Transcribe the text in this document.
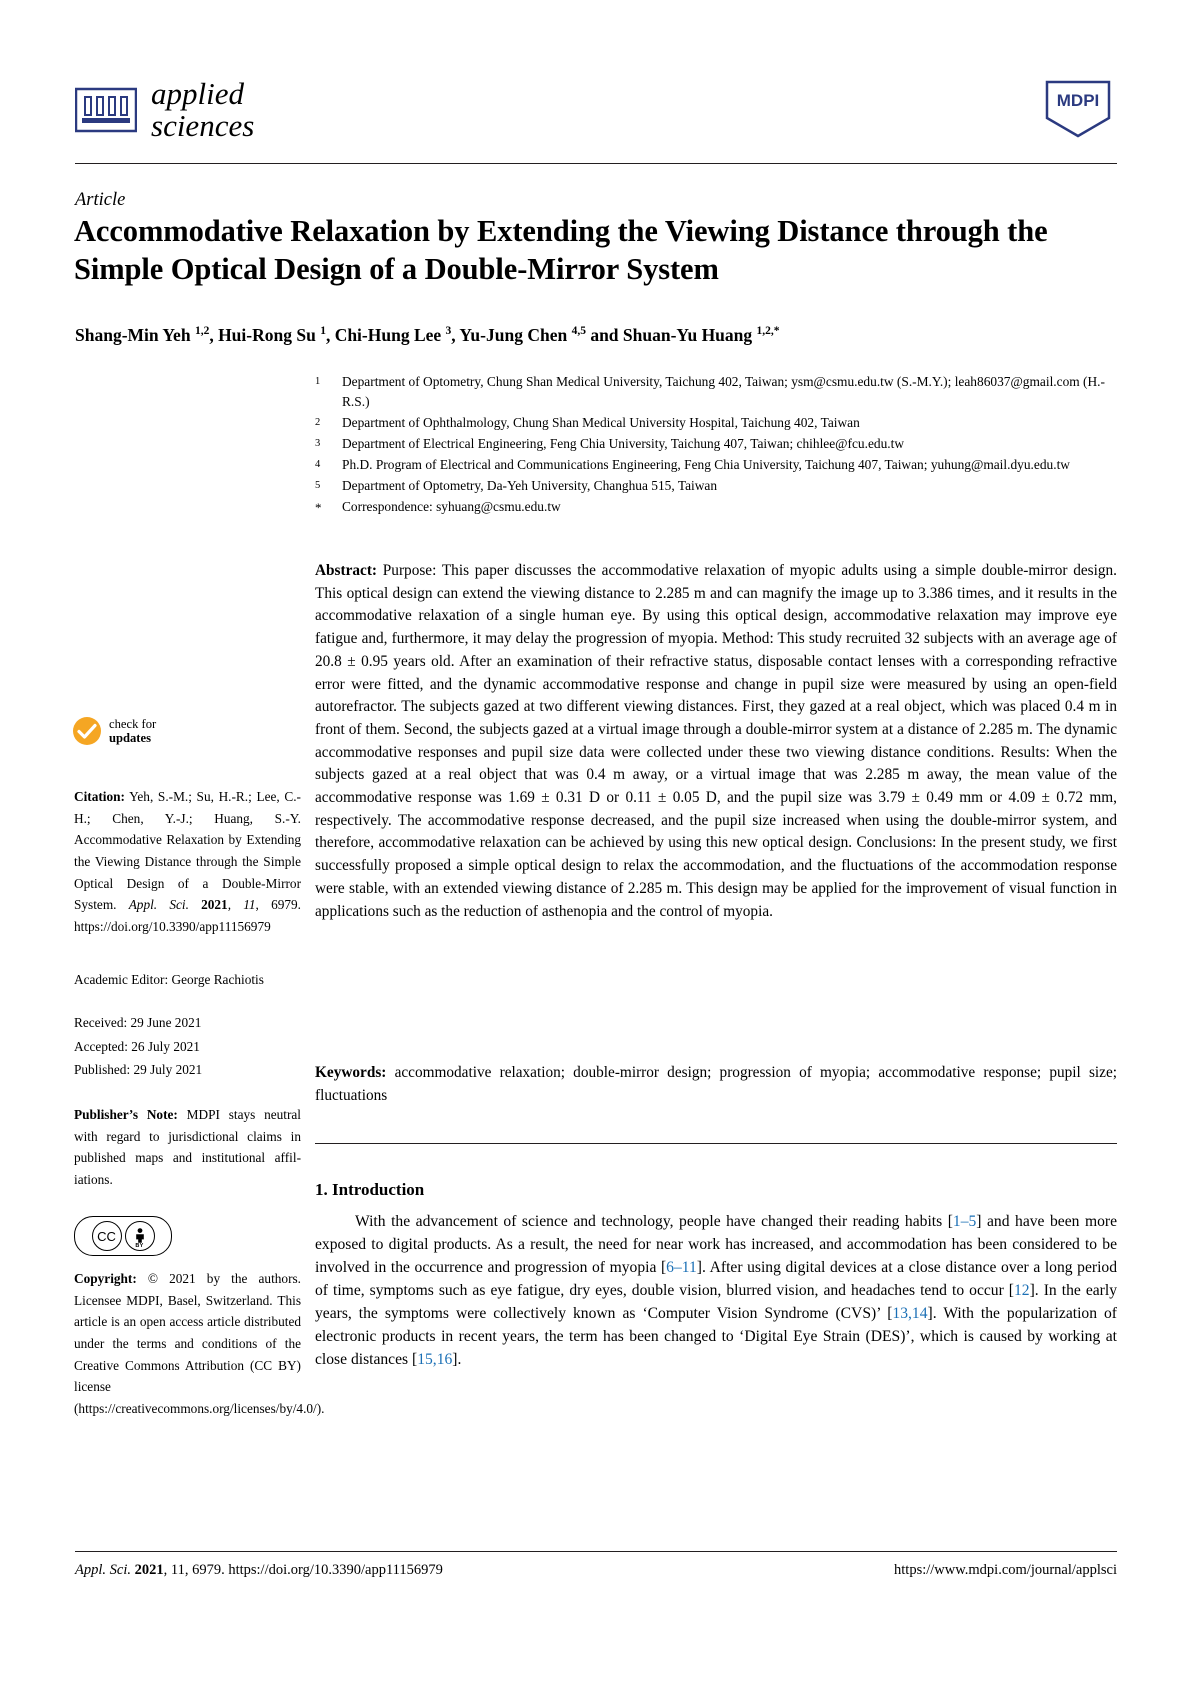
applied
sciences
MDPI
Article
Accommodative Relaxation by Extending the Viewing Distance through the Simple Optical Design of a Double-Mirror System
Shang-Min Yeh $^{1,2}$, Hui-Rong Su $^1$, Chi-Hung Lee $^3$, Yu-Jung Chen $^{4,5}$ and Shuan-Yu Huang $^{1,2,*}$
1	Department of Optometry, Chung Shan Medical University, Taichung 402, Taiwan; ysm@csmu.edu.tw (S.-M.Y.); leah86037@gmail.com (H.-R.S.)
2	Department of Ophthalmology, Chung Shan Medical University Hospital, Taichung 402, Taiwan
3	Department of Electrical Engineering, Feng Chia University, Taichung 407, Taiwan; chihlee@fcu.edu.tw
4	Ph.D. Program of Electrical and Communications Engineering, Feng Chia University, Taichung 407, Taiwan; yuhung@mail.dyu.edu.tw
5	Department of Optometry, Da-Yeh University, Changhua 515, Taiwan
*	Correspondence: syhuang@csmu.edu.tw
Abstract: Purpose: This paper discusses the accommodative relaxation of myopic adults using a simple double-mirror design. This optical design can extend the viewing distance to 2.285 m and can magnify the image up to 3.386 times, and it results in the accommodative relaxation of a single human eye. By using this optical design, accommodative relaxation may improve eye fatigue and, furthermore, it may delay the progression of myopia. Method: This study recruited 32 subjects with an average age of 20.8 ± 0.95 years old. After an examination of their refractive status, disposable contact lenses with a corresponding refractive error were fitted, and the dynamic accommodative response and change in pupil size were measured by using an open-field autorefractor. The subjects gazed at two different viewing distances. First, they gazed at a real object, which was placed 0.4 m in front of them. Second, the subjects gazed at a virtual image through a double-mirror system at a distance of 2.285 m. The dynamic accommodative responses and pupil size data were collected under these two viewing distance conditions. Results: When the subjects gazed at a real object that was 0.4 m away, or a virtual image that was 2.285 m away, the mean value of the accommodative response was 1.69 ± 0.31 D or 0.11 ± 0.05 D, and the pupil size was 3.79 ± 0.49 mm or 4.09 ± 0.72 mm, respectively. The accommodative response decreased, and the pupil size increased when using the double-mirror system, and therefore, accommodative relaxation can be achieved by using this new optical design. Conclusions: In the present study, we first successfully proposed a simple optical design to relax the accommodation, and the fluctuations of the accommodation response were stable, with an extended viewing distance of 2.285 m. This design may be applied for the improvement of visual function in applications such as the reduction of asthenopia and the control of myopia.
Keywords: accommodative relaxation; double-mirror design; progression of myopia; accommodative response; pupil size; fluctuations
1. Introduction
With the advancement of science and technology, people have changed their reading habits [1–5] and have been more exposed to digital products. As a result, the need for near work has increased, and accommodation has been considered to be involved in the occurrence and progression of myopia [6–11]. After using digital devices at a close distance over a long period of time, symptoms such as eye fatigue, dry eyes, double vision, blurred vision, and headaches tend to occur [12]. In the early years, the symptoms were collectively known as ‘Computer Vision Syndrome (CVS)’ [13,14]. With the popularization of electronic products in recent years, the term has been changed to ‘Digital Eye Strain (DES)’, which is caused by working at close distances [15,16].
check for
updates
Citation: Yeh, S.-M.; Su, H.-R.; Lee, C.-H.; Chen, Y.-J.; Huang, S.-Y. Accommodative Relaxation by Extending the Viewing Distance through the Simple Optical Design of a Double-Mirror System. Appl. Sci. 2021, 11, 6979. https://doi.org/10.3390/app11156979
Academic Editor: George Rachiotis
Received: 29 June 2021
Accepted: 26 July 2021
Published: 29 July 2021
Publisher’s Note: MDPI stays neutral with regard to jurisdictional claims in published maps and institutional affil-iations.
CC
BY
Copyright: © 2021 by the authors. Licensee MDPI, Basel, Switzerland. This article is an open access article distributed under the terms and conditions of the Creative Commons Attribution (CC BY) license (https://creativecommons.org/licenses/by/4.0/).
Appl. Sci. 2021, 11, 6979. https://doi.org/10.3390/app11156979	https://www.mdpi.com/journal/applsci
